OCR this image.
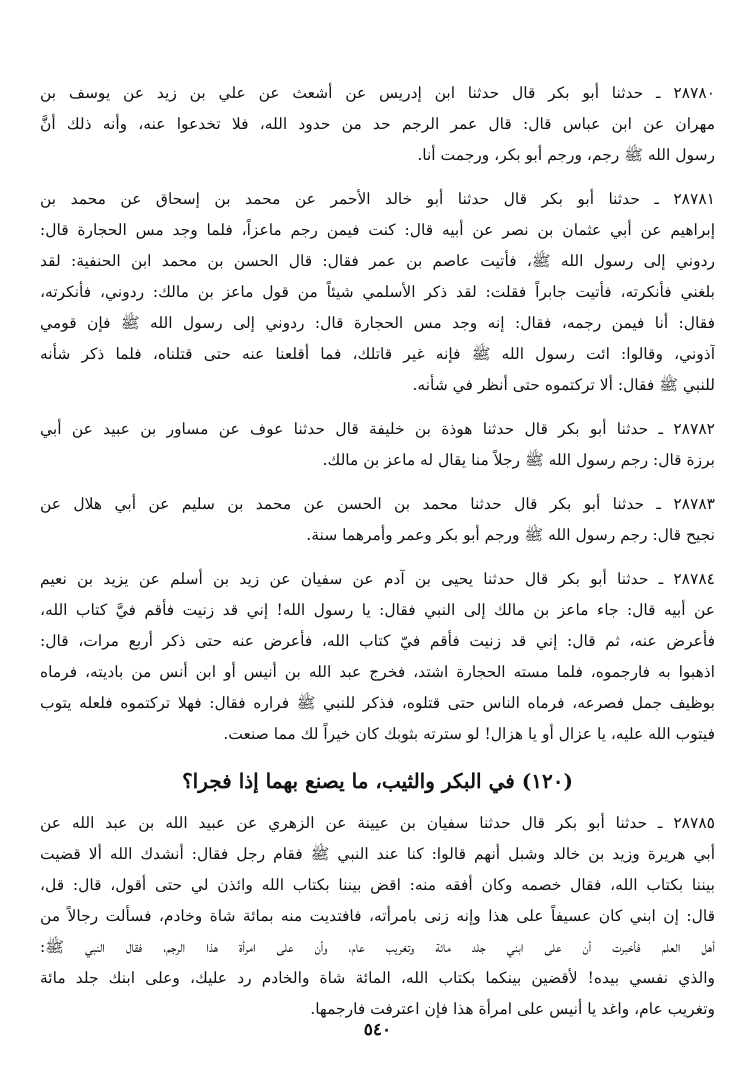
٢٨٧٨٠ ـ حدثنا أبو بكر قال حدثنا ابن إدريس عن أشعث عن علي بن زيد عن يوسف بن
مهران عن ابن عباس قال: قال عمر الرجم حد من حدود الله، فلا تخدعوا عنه، وأنه ذلك أنَّ
رسول الله ﷺ رجم، ورجم أبو بكر، ورجمت أنا.
٢٨٧٨١ ـ حدثنا أبو بكر قال حدثنا أبو خالد الأحمر عن محمد بن إسحاق عن محمد بن
إبراهيم عن أبي عثمان بن نصر عن أبيه قال: كنت فيمن رجم ماعزاً، فلما وجد مس الحجارة قال:
ردوني إلى رسول الله ﷺ، فأتيت عاصم بن عمر فقال: قال الحسن بن محمد ابن الحنفية: لقد
بلغني فأنكرته، فأتيت جابراً فقلت: لقد ذكر الأسلمي شيئاً من قول ماعز بن مالك: ردوني، فأنكرته،
فقال: أنا فيمن رجمه، فقال: إنه وجد مس الحجارة قال: ردوني إلى رسول الله ﷺ فإن قومي
آذوني، وقالوا: ائت رسول الله ﷺ فإنه غير قاتلك، فما أقلعنا عنه حتى قتلناه، فلما ذكر شأنه
للنبي ﷺ فقال: ألا تركتموه حتى أنظر في شأنه.
٢٨٧٨٢ ـ حدثنا أبو بكر قال حدثنا هوذة بن خليفة قال حدثنا عوف عن مساور بن عبيد عن أبي
برزة قال: رجم رسول الله ﷺ رجلاً منا يقال له ماعز بن مالك.
٢٨٧٨٣ ـ حدثنا أبو بكر قال حدثنا محمد بن الحسن عن محمد بن سليم عن أبي هلال عن
نجيح قال: رجم رسول الله ﷺ ورجم أبو بكر وعمر وأمرهما سنة.
٢٨٧٨٤ ـ حدثنا أبو بكر قال حدثنا يحيى بن آدم عن سفيان عن زيد بن أسلم عن يزيد بن نعيم
عن أبيه قال: جاء ماعز بن مالك إلى النبي فقال: يا رسول الله! إني قد زنيت فأقم فيَّ كتاب الله،
فأعرض عنه، ثم قال: إني قد زنيت فأقم فيّ كتاب الله، فأعرض عنه حتى ذكر أربع مرات، قال:
اذهبوا به فارجموه، فلما مسته الحجارة اشتد، فخرج عبد الله بن أنيس أو ابن أنس من باديته، فرماه
بوظيف جمل فصرعه، فرماه الناس حتى قتلوه، فذكر للنبي ﷺ فراره فقال: فهلا تركتموه فلعله يتوب
فيتوب الله عليه، يا عزال أو يا هزال! لو سترته بثوبك كان خيراً لك مما صنعت.
(١٢٠) في البكر والثيب، ما يصنع بهما إذا فجرا؟
٢٨٧٨٥ ـ حدثنا أبو بكر قال حدثنا سفيان بن عيينة عن الزهري عن عبيد الله بن عبد الله عن
أبي هريرة وزيد بن خالد وشبل أنهم قالوا: كنا عند النبي ﷺ فقام رجل فقال: أنشدك الله ألا قضيت
بيننا بكتاب الله، فقال خصمه وكان أفقه منه: اقض بيننا بكتاب الله وائذن لي حتى أقول، قال: قل،
قال: إن ابني كان عسيفاً على هذا وإنه زنى بامرأته، فافتديت منه بمائة شاة وخادم، فسألت رجالاً من
أهل العلم فأخبرت أن على ابني جلد مائة وتغريب عام، وأن على امرأة هذا الرجم، فقال النبي ﷺ:
والذي نفسي بيده! لأقضين بينكما بكتاب الله، المائة شاة والخادم رد عليك، وعلى ابنك جلد مائة
وتغريب عام، واغد يا أنيس على امرأة هذا فإن اعترفت فارجمها.
٥٤٠
